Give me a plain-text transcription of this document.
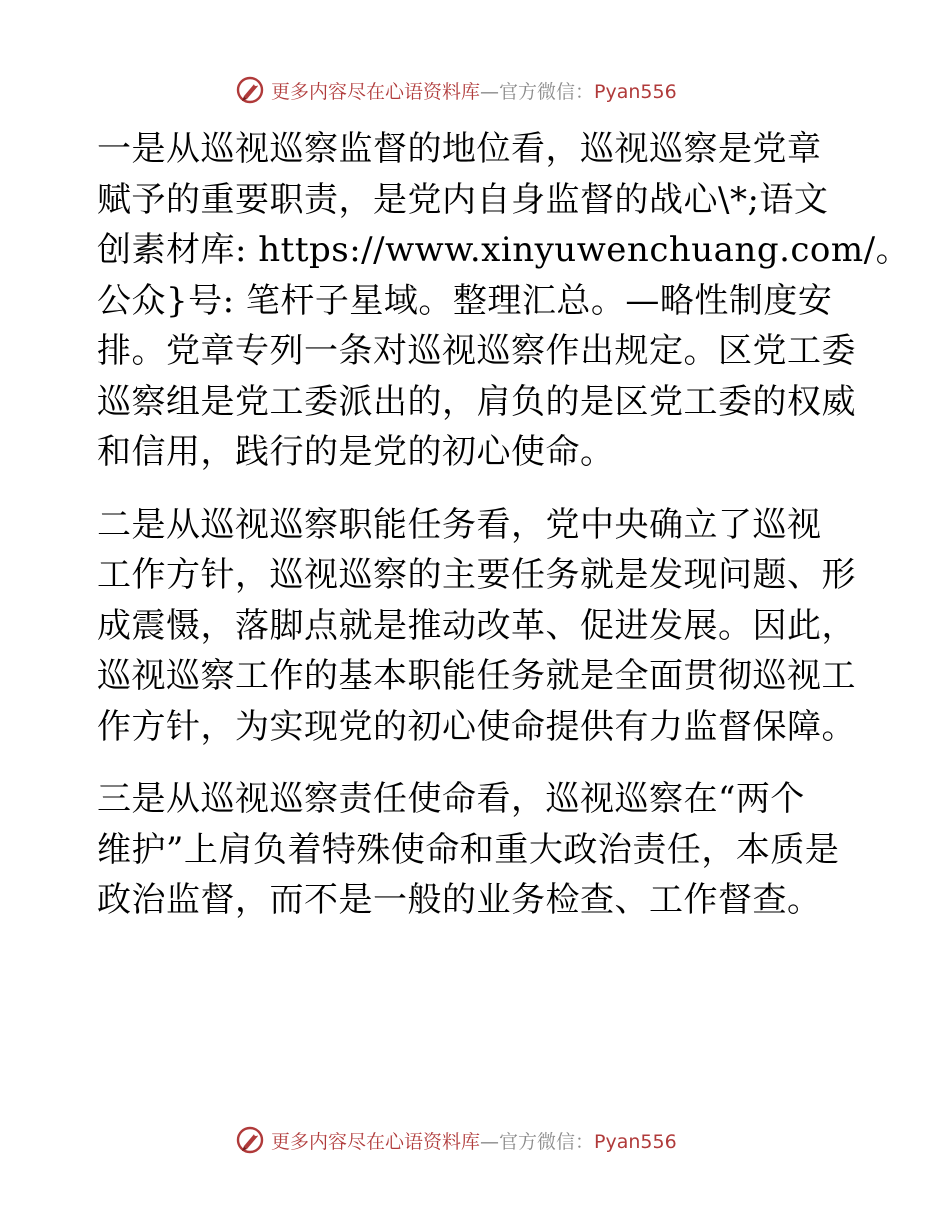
更多内容尽在心语资料库—官方微信：Pyan556
一是从巡视巡察监督的地位看，巡视巡察是党章
赋予的重要职责，是党内自身监督的战心\*;语文
创素材库: https://www.xinyuwenchuang.com/。
公众}号: 笔杆子星域。整理汇总。—略性制度安
排。党章专列一条对巡视巡察作出规定。区党工委
巡察组是党工委派出的，肩负的是区党工委的权威
和信用，践行的是党的初心使命。
二是从巡视巡察职能任务看，党中央确立了巡视
工作方针，巡视巡察的主要任务就是发现问题、形
成震慑，落脚点就是推动改革、促进发展。因此，
巡视巡察工作的基本职能任务就是全面贯彻巡视工
作方针，为实现党的初心使命提供有力监督保障。
三是从巡视巡察责任使命看，巡视巡察在“两个
维护”上肩负着特殊使命和重大政治责任，本质是
政治监督，而不是一般的业务检查、工作督查。
更多内容尽在心语资料库—官方微信：Pyan556
